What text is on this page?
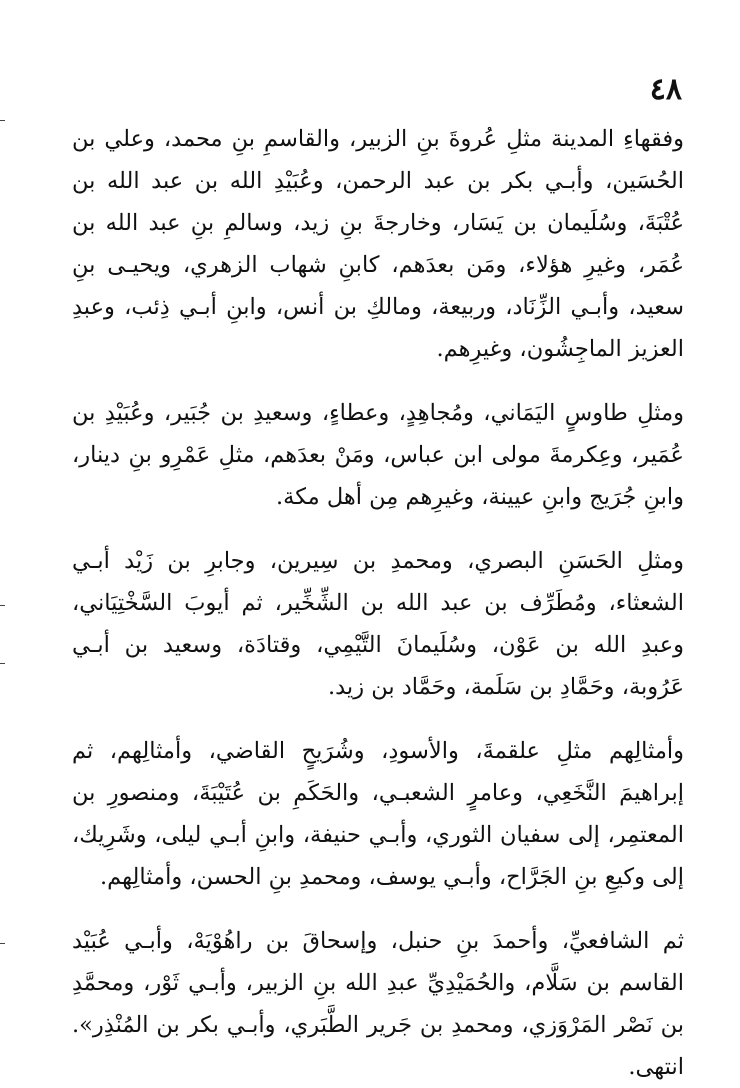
٤٨

وفقهاءِ المدينة مثلِ عُروةَ بنِ الزبير، والقاسمِ بنِ محمد، وعلي بن الحُسَين، وأبـي بكر بن عبد الرحمن، وعُبَيْدِ الله بن عبد الله بن عُتْبَةَ، وسُلَيمان بن يَسَار، وخارجةَ بنِ زيد، وسالمِ بنِ عبد الله بن عُمَر، وغيرِ هؤلاء، ومَن بعدَهم، كابنِ شهاب الزهري، ويحيـى بنِ سعيد، وأبـي الزِّنَاد، وربيعة، ومالكِ بن أنس، وابنِ أبـي ذِئب، وعبدِ العزيز الماجِشُون، وغيرِهم.

ومثلِ طاوسٍ اليَمَاني، ومُجاهِدٍ، وعطاءٍ، وسعيدِ بن جُبَير، وعُبَيْدِ بن عُمَير، وعِكرمةَ مولى ابن عباس، ومَنْ بعدَهم، مثلِ عَمْرِو بنِ دينار، وابنِ جُرَيج وابنِ عيينة، وغيرِهم مِن أهل مكة.

ومثلِ الحَسَنِ البصري، ومحمدِ بن سِيرين، وجابرِ بن زَيْد أبـي الشعثاء، ومُطَرِّف بن عبد الله بن الشِّخِّير، ثم أيوبَ السَّخْتِيَاني، وعبدِ الله بن عَوْن، وسُلَيمانَ التَّيْمِي، وقتادَة، وسعيد بن أبـي عَرُوبة، وحَمَّادِ بن سَلَمة، وحَمَّاد بن زيد.

وأمثالِهم مثلِ علقمةَ، والأسودِ، وشُرَيحٍ القاضي، وأمثالِهم، ثم إبراهيمَ النَّخَعِي، وعامرٍ الشعبـي، والحَكَمِ بن عُتَيْبَةَ، ومنصورِ بن المعتمِر، إلى سفيان الثوري، وأبـي حنيفة، وابنِ أبـي ليلى، وشَرِيك، إلى وكيعِ بنِ الجَرَّاح، وأبـي يوسف، ومحمدِ بنِ الحسن، وأمثالِهم.

ثم الشافعيِّ، وأحمدَ بنِ حنبل، وإسحاقَ بن راهُوْيَهْ، وأبـي عُبَيْد القاسم بن سَلَّام، والحُمَيْدِيِّ عبدِ الله بنِ الزبير، وأبـي ثَوْر، ومحمَّدِ بن نَصْر المَرْوَزي، ومحمدِ بن جَرير الطَّبَري، وأبـي بكر بن المُنْذِر». انتهى.
